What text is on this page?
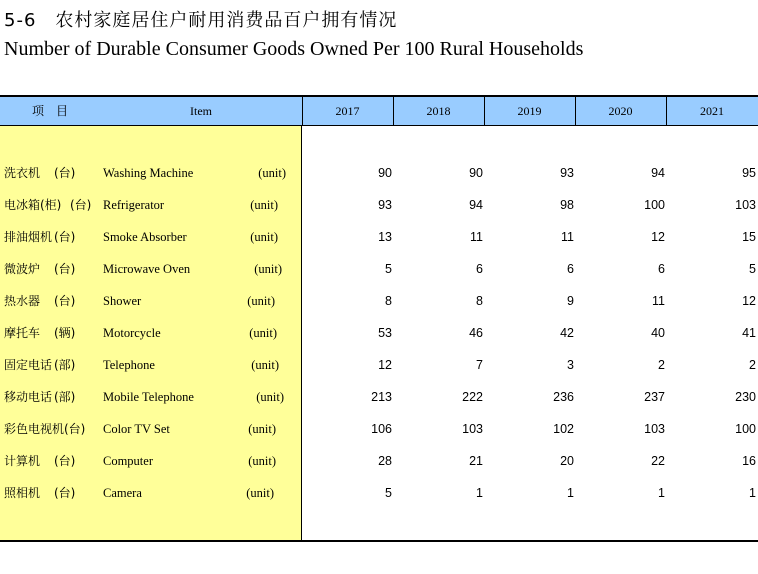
5-6　农村家庭居住户耐用消费品百户拥有情况
Number of Durable Consumer Goods Owned Per 100 Rural Households
项　目	Item	2017	2018	2019	2020	2021
洗衣机 (台) Washing Machine	(unit)	90	90	93	94	95
电冰箱(柜) (台) Refrigerator	(unit)	93	94	98	100	103
排油烟机 (台) Smoke Absorber	(unit)	13	11	11	12	15
微波炉 (台) Microwave Oven	(unit)	5	6	6	6	5
热水器 (台) Shower	(unit)	8	8	9	11	12
摩托车 (辆) Motorcycle	(unit)	53	46	42	40	41
固定电话 (部) Telephone	(unit)	12	7	3	2	2
移动电话 (部) Mobile Telephone	(unit)	213	222	236	237	230
彩色电视机 (台) Color TV Set	(unit)	106	103	102	103	100
计算机 (台) Computer	(unit)	28	21	20	22	16
照相机 (台) Camera	(unit)	5	1	1	1	1
